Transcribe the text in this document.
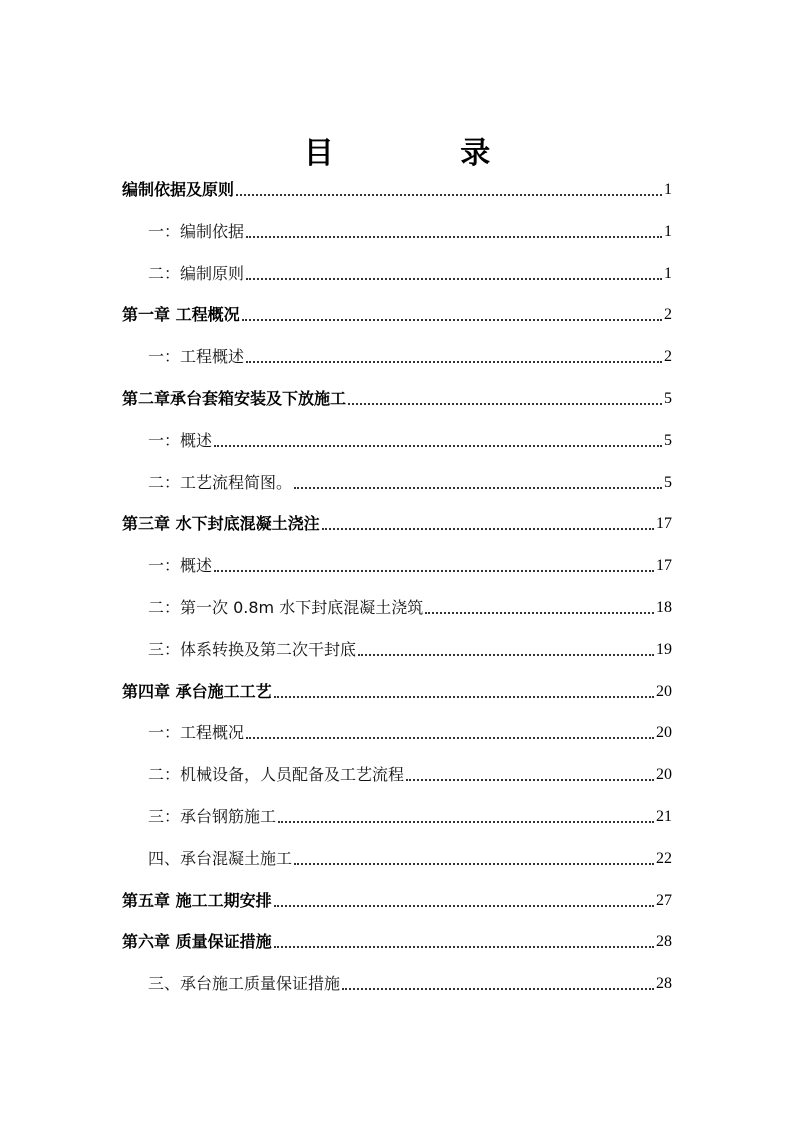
目 录
编制依据及原则	1
一：编制依据	1
二：编制原则	1
第一章 工程概况	2
一：工程概述	2
第二章承台套箱安装及下放施工	5
一：概述	5
二：工艺流程简图。	5
第三章 水下封底混凝土浇注	17
一：概述	17
二：第一次 0.8m 水下封底混凝土浇筑	18
三：体系转换及第二次干封底	19
第四章 承台施工工艺	20
一：工程概况	20
二：机械设备，人员配备及工艺流程	20
三：承台钢筋施工	21
四、承台混凝土施工	22
第五章 施工工期安排	27
第六章 质量保证措施	28
三、承台施工质量保证措施	28
